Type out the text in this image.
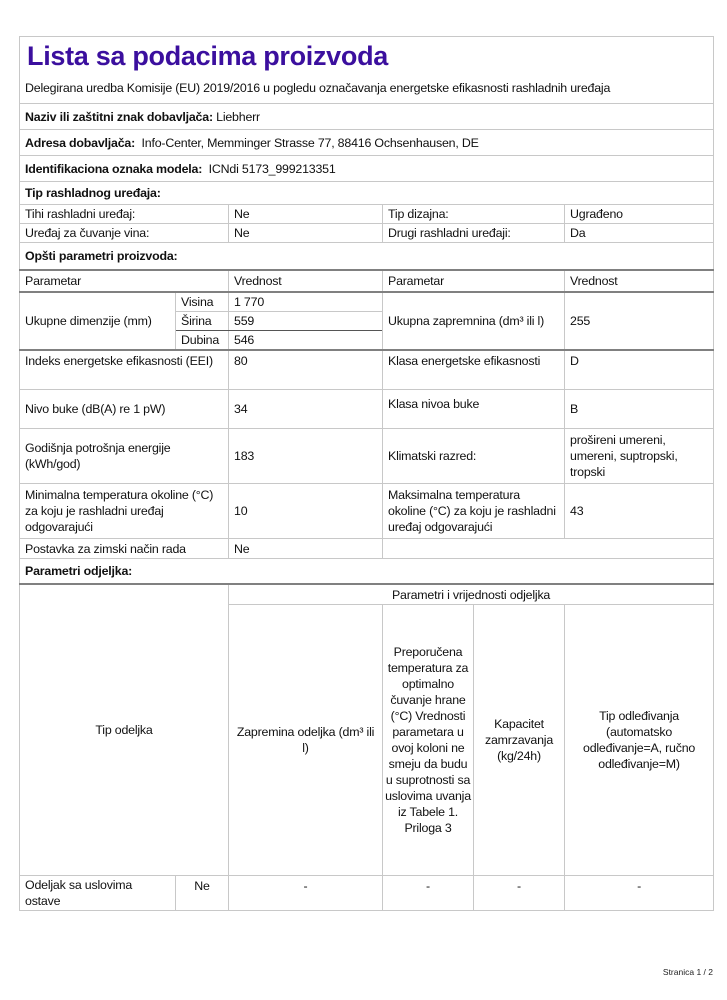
Lista sa podacima proizvoda					

Delegirana uredba Komisije (EU) 2019/2016 u pogledu označavanja energetske efikasnosti rashladnih uređaja					
Naziv ili zaštitni znak dobavljača: Liebherr					
Adresa dobavljača: Info-Center, Memminger Strasse 77, 88416 Ochsenhausen, DE					
Identifikaciona oznaka modela: ICNdi 5173_999213351					
Tip rashladnog uređaja:					
Tihi rashladni uređaj:		Ne	Tip dizajna:		Ugrađeno
Uređaj za čuvanje vina:		Ne	Drugi rashladni uređaji:		Da
Opšti parametri proizvoda:					
Parametar		Vrednost	Parametar		Vrednost
Ukupne dimenzije (mm)	Visina	1 770	Ukupna zapremnina (dm³ ili l)		255
	Širina	559			
	Dubina	546			
Indeks energetske efikasnosti (EEI)		80	Klasa energetske efikasnosti		D
Nivo buke (dB(A) re 1 pW)		34	Klasa nivoa buke		B
Godišnja potrošnja energije (kWh/god)		183	Klimatski razred:		prošireni umereni, umereni, suptropski, tropski
Minimalna temperatura okoline (°C) za koju je rashladni uređaj odgovarajući		10	Maksimalna temperatura okoline (°C) za koju je rashladni uređaj odgovarajući		43
Postavka za zimski način rada		Ne			
Parametri odjeljka:					
Tip odeljka		Parametri i vrijednosti odjeljka			
		Zapremina odeljka (dm³ ili l)	Preporučena temperatura za optimalno čuvanje hrane (°C) Vrednosti parametara u ovoj koloni ne smeju da budu u suprotnosti sa uslovima uvanja iz Tabele 1. Priloga 3	Kapacitet zamrzavanja (kg/24h)	Tip odleđivanja (automatsko odleđivanje=A, ručno odleđivanje=M)
Odeljak sa uslovima ostave	Ne	-	-	-	-
Stranica 1 / 2
